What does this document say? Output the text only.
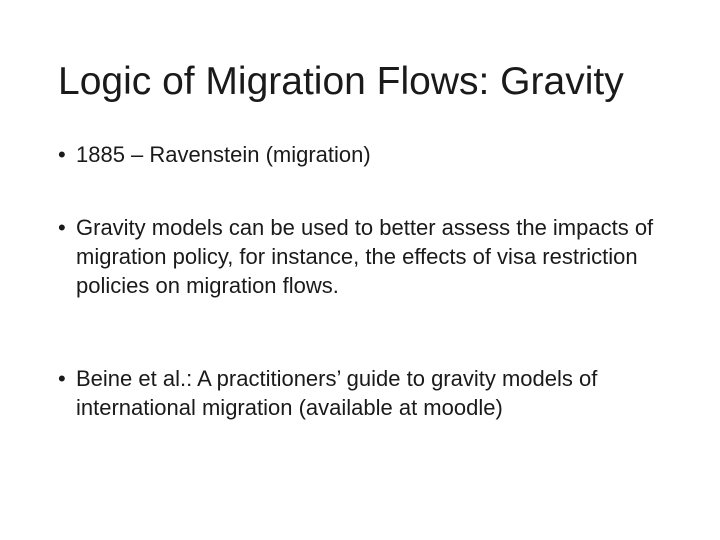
Logic of Migration Flows: Gravity
• 1885 – Ravenstein (migration)
• Gravity models can be used to better assess the impacts of migration policy, for instance, the effects of visa restriction policies on migration flows.
• Beine et al.: A practitioners’ guide to gravity models of international migration (available at moodle)
